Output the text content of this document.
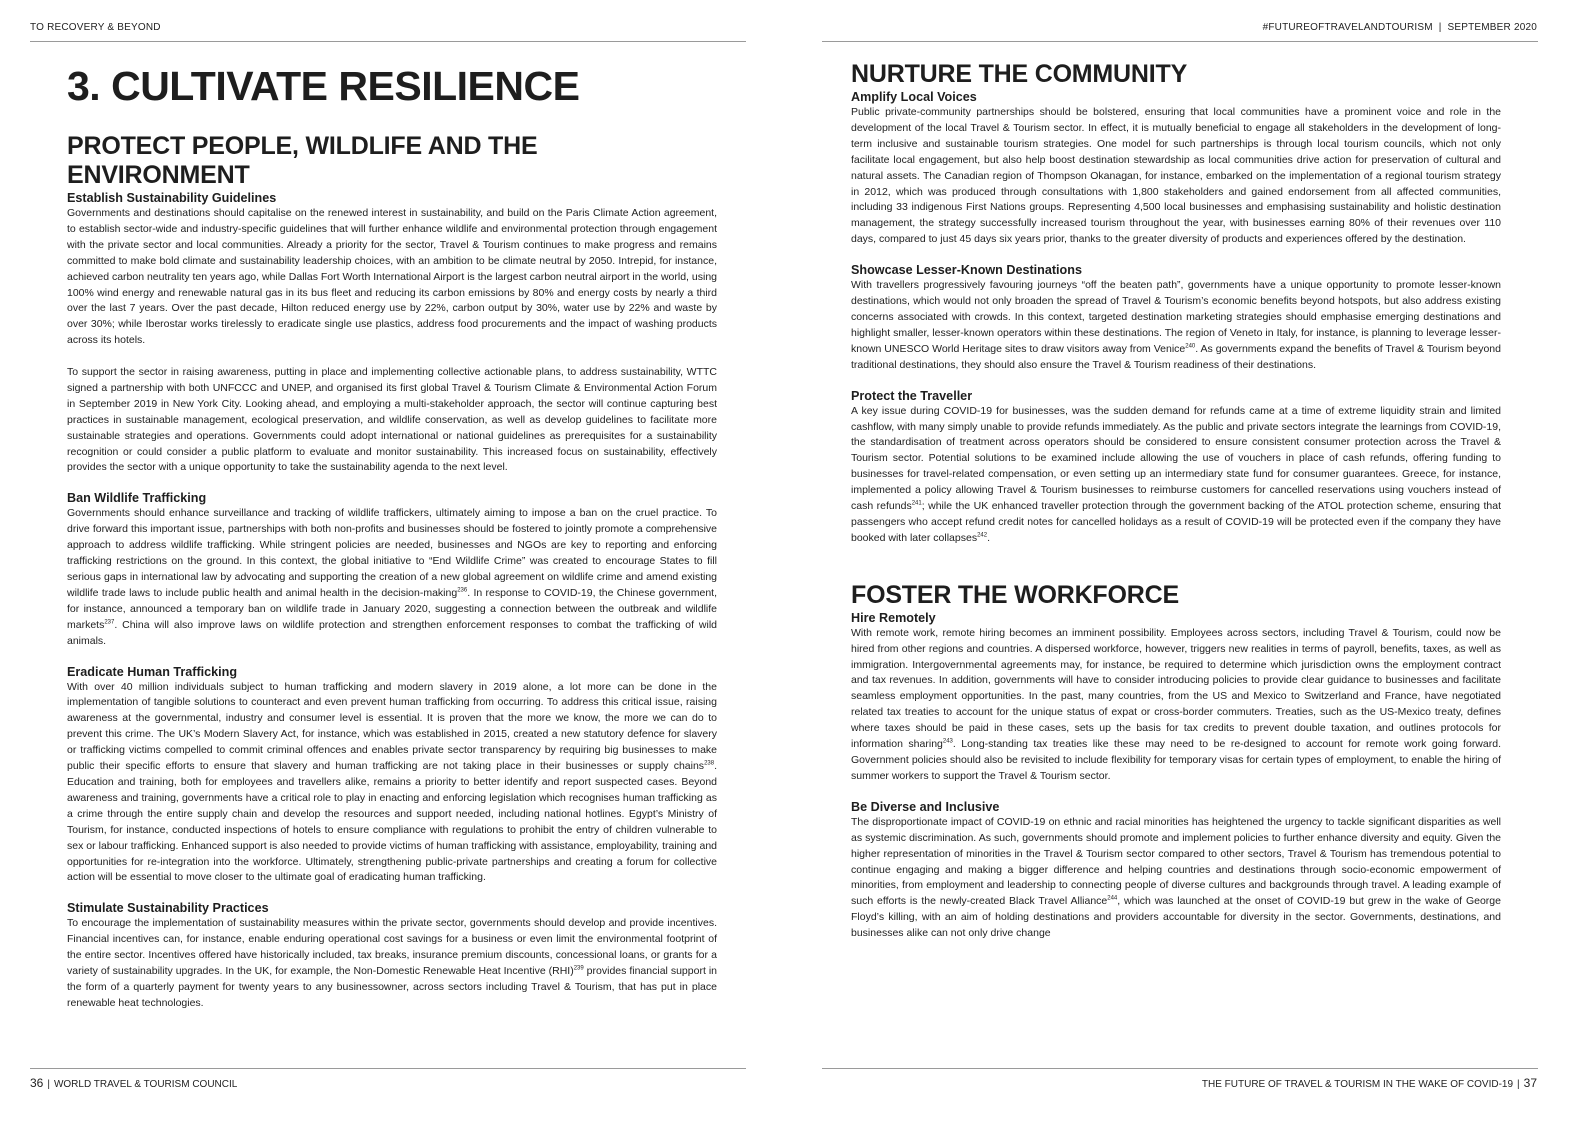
TO RECOVERY & BEYOND
3. CULTIVATE RESILIENCE
PROTECT PEOPLE, WILDLIFE AND THE ENVIRONMENT
Establish Sustainability Guidelines

Governments and destinations should capitalise on the renewed interest in sustainability, and build on the Paris Climate Action agreement, to establish sector-wide and industry-specific guidelines that will further enhance wildlife and environmental protection through engagement with the private sector and local communities. Already a priority for the sector, Travel & Tourism continues to make progress and remains committed to make bold climate and sustainability leadership choices, with an ambition to be climate neutral by 2050. Intrepid, for instance, achieved carbon neutrality ten years ago, while Dallas Fort Worth International Airport is the largest carbon neutral airport in the world, using 100% wind energy and renewable natural gas in its bus fleet and reducing its carbon emissions by 80% and energy costs by nearly a third over the last 7 years. Over the past decade, Hilton reduced energy use by 22%, carbon output by 30%, water use by 22% and waste by over 30%; while Iberostar works tirelessly to eradicate single use plastics, address food procurements and the impact of washing products across its hotels.

To support the sector in raising awareness, putting in place and implementing collective actionable plans, to address sustainability, WTTC signed a partnership with both UNFCCC and UNEP, and organised its first global Travel & Tourism Climate & Environmental Action Forum in September 2019 in New York City. Looking ahead, and employing a multi-stakeholder approach, the sector will continue capturing best practices in sustainable management, ecological preservation, and wildlife conservation, as well as develop guidelines to facilitate more sustainable strategies and operations. Governments could adopt international or national guidelines as prerequisites for a sustainability recognition or could consider a public platform to evaluate and monitor sustainability. This increased focus on sustainability, effectively provides the sector with a unique opportunity to take the sustainability agenda to the next level.

Ban Wildlife Trafficking

Governments should enhance surveillance and tracking of wildlife traffickers, ultimately aiming to impose a ban on the cruel practice. To drive forward this important issue, partnerships with both non-profits and businesses should be fostered to jointly promote a comprehensive approach to address wildlife trafficking. While stringent policies are needed, businesses and NGOs are key to reporting and enforcing trafficking restrictions on the ground. In this context, the global initiative to “End Wildlife Crime” was created to encourage States to fill serious gaps in international law by advocating and supporting the creation of a new global agreement on wildlife crime and amend existing wildlife trade laws to include public health and animal health in the decision-making$^{236}$. In response to COVID-19, the Chinese government, for instance, announced a temporary ban on wildlife trade in January 2020, suggesting a connection between the outbreak and wildlife markets$^{237}$. China will also improve laws on wildlife protection and strengthen enforcement responses to combat the trafficking of wild animals.

Eradicate Human Trafficking

With over 40 million individuals subject to human trafficking and modern slavery in 2019 alone, a lot more can be done in the implementation of tangible solutions to counteract and even prevent human trafficking from occurring. To address this critical issue, raising awareness at the governmental, industry and consumer level is essential. It is proven that the more we know, the more we can do to prevent this crime. The UK’s Modern Slavery Act, for instance, which was established in 2015, created a new statutory defence for slavery or trafficking victims compelled to commit criminal offences and enables private sector transparency by requiring big businesses to make public their specific efforts to ensure that slavery and human trafficking are not taking place in their businesses or supply chains$^{238}$. Education and training, both for employees and travellers alike, remains a priority to better identify and report suspected cases. Beyond awareness and training, governments have a critical role to play in enacting and enforcing legislation which recognises human trafficking as a crime through the entire supply chain and develop the resources and support needed, including national hotlines. Egypt’s Ministry of Tourism, for instance, conducted inspections of hotels to ensure compliance with regulations to prohibit the entry of children vulnerable to sex or labour trafficking. Enhanced support is also needed to provide victims of human trafficking with assistance, employability, training and opportunities for re-integration into the workforce. Ultimately, strengthening public-private partnerships and creating a forum for collective action will be essential to move closer to the ultimate goal of eradicating human trafficking.

Stimulate Sustainability Practices

To encourage the implementation of sustainability measures within the private sector, governments should develop and provide incentives. Financial incentives can, for instance, enable enduring operational cost savings for a business or even limit the environmental footprint of the entire sector. Incentives offered have historically included, tax breaks, insurance premium discounts, concessional loans, or grants for a variety of sustainability upgrades. In the UK, for example, the Non-Domestic Renewable Heat Incentive (RHI)$^{239}$ provides financial support in the form of a quarterly payment for twenty years to any businessowner, across sectors including Travel & Tourism, that has put in place renewable heat technologies.

36 | WORLD TRAVEL & TOURISM COUNCIL
#FUTUREOFTRAVELANDTOURISM  |  SEPTEMBER 2020
NURTURE THE COMMUNITY
Amplify Local Voices

Public private-community partnerships should be bolstered, ensuring that local communities have a prominent voice and role in the development of the local Travel & Tourism sector. In effect, it is mutually beneficial to engage all stakeholders in the development of long-term inclusive and sustainable tourism strategies. One model for such partnerships is through local tourism councils, which not only facilitate local engagement, but also help boost destination stewardship as local communities drive action for preservation of cultural and natural assets. The Canadian region of Thompson Okanagan, for instance, embarked on the implementation of a regional tourism strategy in 2012, which was produced through consultations with 1,800 stakeholders and gained endorsement from all affected communities, including 33 indigenous First Nations groups. Representing 4,500 local businesses and emphasising sustainability and holistic destination management, the strategy successfully increased tourism throughout the year, with businesses earning 80% of their revenues over 110 days, compared to just 45 days six years prior, thanks to the greater diversity of products and experiences offered by the destination.

Showcase Lesser-Known Destinations

With travellers progressively favouring journeys “off the beaten path”, governments have a unique opportunity to promote lesser-known destinations, which would not only broaden the spread of Travel & Tourism’s economic benefits beyond hotspots, but also address existing concerns associated with crowds. In this context, targeted destination marketing strategies should emphasise emerging destinations and highlight smaller, lesser-known operators within these destinations. The region of Veneto in Italy, for instance, is planning to leverage lesser-known UNESCO World Heritage sites to draw visitors away from Venice$^{240}$. As governments expand the benefits of Travel & Tourism beyond traditional destinations, they should also ensure the Travel & Tourism readiness of their destinations.

Protect the Traveller

A key issue during COVID-19 for businesses, was the sudden demand for refunds came at a time of extreme liquidity strain and limited cashflow, with many simply unable to provide refunds immediately. As the public and private sectors integrate the learnings from COVID-19, the standardisation of treatment across operators should be considered to ensure consistent consumer protection across the Travel & Tourism sector. Potential solutions to be examined include allowing the use of vouchers in place of cash refunds, offering funding to businesses for travel-related compensation, or even setting up an intermediary state fund for consumer guarantees. Greece, for instance, implemented a policy allowing Travel & Tourism businesses to reimburse customers for cancelled reservations using vouchers instead of cash refunds$^{241}$; while the UK enhanced traveller protection through the government backing of the ATOL protection scheme, ensuring that passengers who accept refund credit notes for cancelled holidays as a result of COVID-19 will be protected even if the company they have booked with later collapses$^{242}$.

FOSTER THE WORKFORCE
Hire Remotely

With remote work, remote hiring becomes an imminent possibility. Employees across sectors, including Travel & Tourism, could now be hired from other regions and countries. A dispersed workforce, however, triggers new realities in terms of payroll, benefits, taxes, as well as immigration. Intergovernmental agreements may, for instance, be required to determine which jurisdiction owns the employment contract and tax revenues. In addition, governments will have to consider introducing policies to provide clear guidance to businesses and facilitate seamless employment opportunities. In the past, many countries, from the US and Mexico to Switzerland and France, have negotiated related tax treaties to account for the unique status of expat or cross-border commuters. Treaties, such as the US-Mexico treaty, defines where taxes should be paid in these cases, sets up the basis for tax credits to prevent double taxation, and outlines protocols for information sharing$^{243}$. Long-standing tax treaties like these may need to be re-designed to account for remote work going forward. Government policies should also be revisited to include flexibility for temporary visas for certain types of employment, to enable the hiring of summer workers to support the Travel & Tourism sector.

Be Diverse and Inclusive

The disproportionate impact of COVID-19 on ethnic and racial minorities has heightened the urgency to tackle significant disparities as well as systemic discrimination. As such, governments should promote and implement policies to further enhance diversity and equity. Given the higher representation of minorities in the Travel & Tourism sector compared to other sectors, Travel & Tourism has tremendous potential to continue engaging and making a bigger difference and helping countries and destinations through socio-economic empowerment of minorities, from employment and leadership to connecting people of diverse cultures and backgrounds through travel. A leading example of such efforts is the newly-created Black Travel Alliance$^{244}$, which was launched at the onset of COVID-19 but grew in the wake of George Floyd’s killing, with an aim of holding destinations and providers accountable for diversity in the sector. Governments, destinations, and businesses alike can not only drive change

THE FUTURE OF TRAVEL & TOURISM IN THE WAKE OF COVID-19 | 37
